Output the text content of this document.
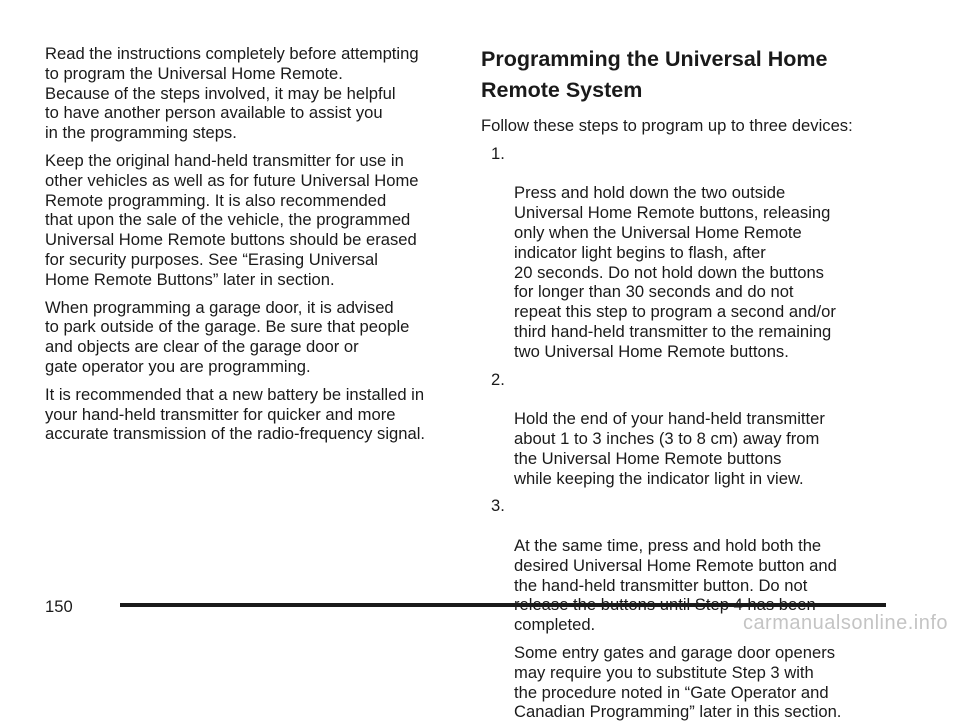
Read the instructions completely before attempting
to program the Universal Home Remote.
Because of the steps involved, it may be helpful
to have another person available to assist you
in the programming steps.

Keep the original hand-held transmitter for use in
other vehicles as well as for future Universal Home
Remote programming. It is also recommended
that upon the sale of the vehicle, the programmed
Universal Home Remote buttons should be erased
for security purposes. See “Erasing Universal
Home Remote Buttons” later in section.

When programming a garage door, it is advised
to park outside of the garage. Be sure that people
and objects are clear of the garage door or
gate operator you are programming.

It is recommended that a new battery be installed in
your hand-held transmitter for quicker and more
accurate transmission of the radio-frequency signal.

Programming the Universal Home
Remote System

Follow these steps to program up to three devices:

1.

Press and hold down the two outside
Universal Home Remote buttons, releasing
only when the Universal Home Remote
indicator light begins to flash, after
20 seconds. Do not hold down the buttons
for longer than 30 seconds and do not
repeat this step to program a second and/or
third hand-held transmitter to the remaining
two Universal Home Remote buttons.

2.

Hold the end of your hand-held transmitter
about 1 to 3 inches (3 to 8 cm) away from
the Universal Home Remote buttons
while keeping the indicator light in view.

3.

At the same time, press and hold both the
desired Universal Home Remote button and
the hand-held transmitter button. Do not

completed.

Some entry gates and garage door openers
may require you to substitute Step 3 with
the procedure noted in “Gate Operator and
Canadian Programming” later in this section.

150
carmanualsonline.info
